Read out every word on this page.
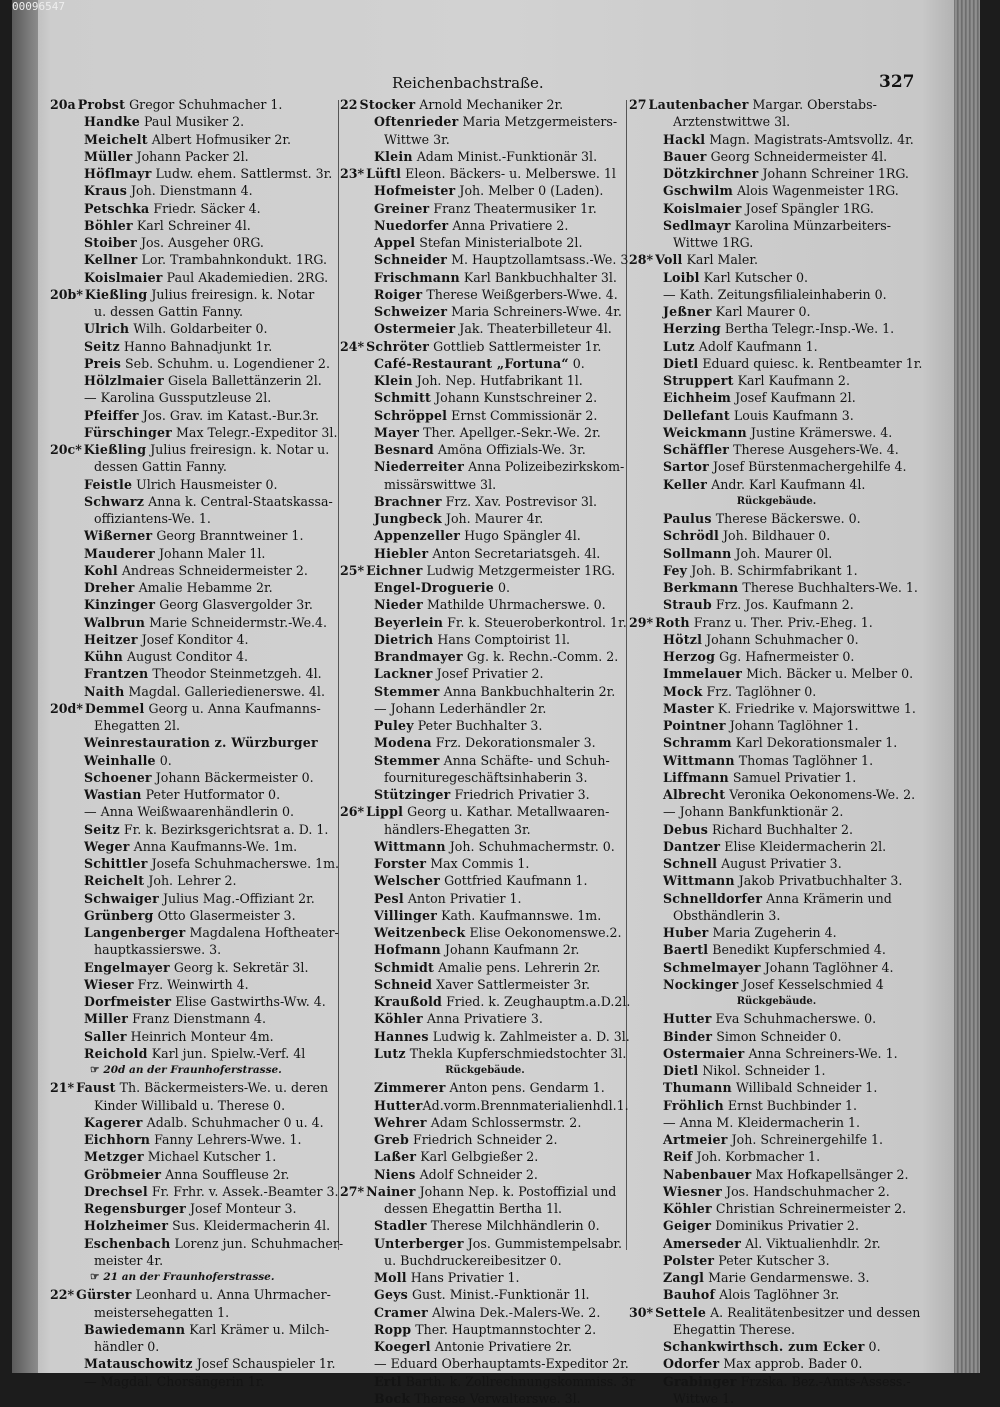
00096547
Reichenbachstraße.	327
20a Probst Gregor Schuhmacher 1.
Handke Paul Musiker 2.
Meichelt Albert Hofmusiker 2r.
Müller Johann Packer 2l.
Höflmayr Ludw. ehem. Sattlermst. 3r.
Kraus Joh. Dienstmann 4.
Petschka Friedr. Säcker 4.
Böhler Karl Schreiner 4l.
Stoiber Jos. Ausgeher 0RG.
Kellner Lor. Trambahnkondukt. 1RG.
Koislmaier Paul Akademiedien. 2RG.
20b* Kießling Julius freiresign. k. Notar
u. dessen Gattin Fanny.
Ulrich Wilh. Goldarbeiter 0.
Seitz Hanno Bahnadjunkt 1r.
Preis Seb. Schuhm. u. Logendiener 2.
Hölzlmaier Gisela Ballettänzerin 2l.
— Karolina Gussputzleuse 2l.
Pfeiffer Jos. Grav. im Katast.-Bur.3r.
Fürschinger Max Telegr.-Expeditor 3l.
20c* Kießling Julius freiresign. k. Notar u.
dessen Gattin Fanny.
Feistle Ulrich Hausmeister 0.
Schwarz Anna k. Central-Staatskassa-
offiziantens-We. 1.
Wißerner Georg Branntweiner 1.
Mauderer Johann Maler 1l.
Kohl Andreas Schneidermeister 2.
Dreher Amalie Hebamme 2r.
Kinzinger Georg Glasvergolder 3r.
Walbrun Marie Schneidermstr.-We.4.
Heitzer Josef Konditor 4.
Kühn August Conditor 4.
Frantzen Theodor Steinmetzgeh. 4l.
Naith Magdal. Galleriedienerswe. 4l.
20d* Demmel Georg u. Anna Kaufmanns-
Ehegatten 2l.
Weinrestauration z. Würzburger
Weinhalle 0.
Schoener Johann Bäckermeister 0.
Wastian Peter Hutformator 0.
— Anna Weißwaarenhändlerin 0.
Seitz Fr. k. Bezirksgerichtsrat a. D. 1.
Weger Anna Kaufmanns-We. 1m.
Schittler Josefa Schuhmacherswe. 1m.
Reichelt Joh. Lehrer 2.
Schwaiger Julius Mag.-Offiziant 2r.
Grünberg Otto Glasermeister 3.
Langenberger Magdalena Hoftheater-
hauptkassierswe. 3.
Engelmayer Georg k. Sekretär 3l.
Wieser Frz. Weinwirth 4.
Dorfmeister Elise Gastwirths-Ww. 4.
Miller Franz Dienstmann 4.
Saller Heinrich Monteur 4m.
Reichold Karl jun. Spielw.-Verf. 4l
☞ 20d an der Fraunhoferstrasse.
21* Faust Th. Bäckermeisters-We. u. deren
Kinder Willibald u. Therese 0.
Kagerer Adalb. Schuhmacher 0 u. 4.
Eichhorn Fanny Lehrers-Wwe. 1.
Metzger Michael Kutscher 1.
Gröbmeier Anna Souffleuse 2r.
Drechsel Fr. Frhr. v. Assek.-Beamter 3.
Regensburger Josef Monteur 3.
Holzheimer Sus. Kleidermacherin 4l.
Eschenbach Lorenz jun. Schuhmacher-
meister 4r.
☞ 21 an der Fraunhoferstrasse.
22* Gürster Leonhard u. Anna Uhrmacher-
meistersehegatten 1.
Bawiedemann Karl Krämer u. Milch-
händler 0.
Matauschowitz Josef Schauspieler 1r.
— Magdal. Chorsängerin 1r.
22 Stocker Arnold Mechaniker 2r.
Oftenrieder Maria Metzgermeisters-
Wittwe 3r.
Klein Adam Minist.-Funktionär 3l.
23* Lüftl Eleon. Bäckers- u. Melberswe. 1l
Hofmeister Joh. Melber 0 (Laden).
Greiner Franz Theatermusiker 1r.
Nuedorfer Anna Privatiere 2.
Appel Stefan Ministerialbote 2l.
Schneider M. Hauptzollamtsass.-We. 3.
Frischmann Karl Bankbuchhalter 3l.
Roiger Therese Weißgerbers-Wwe. 4.
Schweizer Maria Schreiners-Wwe. 4r.
Ostermeier Jak. Theaterbilleteur 4l.
24* Schröter Gottlieb Sattlermeister 1r.
Café-Restaurant „Fortuna“ 0.
Klein Joh. Nep. Hutfabrikant 1l.
Schmitt Johann Kunstschreiner 2.
Schröppel Ernst Commissionär 2.
Mayer Ther. Apellger.-Sekr.-We. 2r.
Besnard Amöna Offizials-We. 3r.
Niederreiter Anna Polizeibezirkskom-
missärswittwe 3l.
Brachner Frz. Xav. Postrevisor 3l.
Jungbeck Joh. Maurer 4r.
Appenzeller Hugo Spängler 4l.
Hiebler Anton Secretariatsgeh. 4l.
25* Eichner Ludwig Metzgermeister 1RG.
Engel-Droguerie 0.
Nieder Mathilde Uhrmacherswe. 0.
Beyerlein Fr. k. Steueroberkontrol. 1r.
Dietrich Hans Comptoirist 1l.
Brandmayer Gg. k. Rechn.-Comm. 2.
Lackner Josef Privatier 2.
Stemmer Anna Bankbuchhalterin 2r.
— Johann Lederhändler 2r.
Puley Peter Buchhalter 3.
Modena Frz. Dekorationsmaler 3.
Stemmer Anna Schäfte- und Schuh-
fournituregeschäftsinhaberin 3.
Stützinger Friedrich Privatier 3.
26* Lippl Georg u. Kathar. Metallwaaren-
händlers-Ehegatten 3r.
Wittmann Joh. Schuhmachermstr. 0.
Forster Max Commis 1.
Welscher Gottfried Kaufmann 1.
Pesl Anton Privatier 1.
Villinger Kath. Kaufmannswe. 1m.
Weitzenbeck Elise Oekonomenswe.2.
Hofmann Johann Kaufmann 2r.
Schmidt Amalie pens. Lehrerin 2r.
Schneid Xaver Sattlermeister 3r.
Kraußold Fried. k. Zeughauptm.a.D.2l.
Köhler Anna Privatiere 3.
Hannes Ludwig k. Zahlmeister a. D. 3l.
Lutz Thekla Kupferschmiedstochter 3l.
Rückgebäude.
Zimmerer Anton pens. Gendarm 1.
HutterAd.vorm.Brennmaterialienhdl.1.
Wehrer Adam Schlossermstr. 2.
Greb Friedrich Schneider 2.
Laßer Karl Gelbgießer 2.
Niens Adolf Schneider 2.
27* Nainer Johann Nep. k. Postoffizial und
dessen Ehegattin Bertha 1l.
Stadler Therese Milchhändlerin 0.
Unterberger Jos. Gummistempelsabr.
u. Buchdruckereibesitzer 0.
Moll Hans Privatier 1.
Geys Gust. Minist.-Funktionär 1l.
Cramer Alwina Dek.-Malers-We. 2.
Ropp Ther. Hauptmannstochter 2.
Koegerl Antonie Privatiere 2r.
— Eduard Oberhauptamts-Expeditor 2r.
Ertl Barth. k. Zollrechnungskommiss. 3r
Bock Therese Verwalterswe. 3l.
27 Lautenbacher Margar. Oberstabs-
Arztenstwittwe 3l.
Hackl Magn. Magistrats-Amtsvollz. 4r.
Bauer Georg Schneidermeister 4l.
Dötzkirchner Johann Schreiner 1RG.
Gschwilm Alois Wagenmeister 1RG.
Koislmaier Josef Spängler 1RG.
Sedlmayr Karolina Münzarbeiters-
Wittwe 1RG.
28* Voll Karl Maler.
Loibl Karl Kutscher 0.
— Kath. Zeitungsfilialeinhaberin 0.
Jeßner Karl Maurer 0.
Herzing Bertha Telegr.-Insp.-We. 1.
Lutz Adolf Kaufmann 1.
Dietl Eduard quiesc. k. Rentbeamter 1r.
Struppert Karl Kaufmann 2.
Eichheim Josef Kaufmann 2l.
Dellefant Louis Kaufmann 3.
Weickmann Justine Krämerswe. 4.
Schäffler Therese Ausgehers-We. 4.
Sartor Josef Bürstenmachergehilfe 4.
Keller Andr. Karl Kaufmann 4l.
Rückgebäude.
Paulus Therese Bäckerswe. 0.
Schrödl Joh. Bildhauer 0.
Sollmann Joh. Maurer 0l.
Fey Joh. B. Schirmfabrikant 1.
Berkmann Therese Buchhalters-We. 1.
Straub Frz. Jos. Kaufmann 2.
29* Roth Franz u. Ther. Priv.-Eheg. 1.
Hötzl Johann Schuhmacher 0.
Herzog Gg. Hafnermeister 0.
Immelauer Mich. Bäcker u. Melber 0.
Mock Frz. Taglöhner 0.
Master K. Friedrike v. Majorswittwe 1.
Pointner Johann Taglöhner 1.
Schramm Karl Dekorationsmaler 1.
Wittmann Thomas Taglöhner 1.
Liffmann Samuel Privatier 1.
Albrecht Veronika Oekonomens-We. 2.
— Johann Bankfunktionär 2.
Debus Richard Buchhalter 2.
Dantzer Elise Kleidermacherin 2l.
Schnell August Privatier 3.
Wittmann Jakob Privatbuchhalter 3.
Schnelldorfer Anna Krämerin und
Obsthändlerin 3.
Huber Maria Zugeherin 4.
Baertl Benedikt Kupferschmied 4.
Schmelmayer Johann Taglöhner 4.
Nockinger Josef Kesselschmied 4
Rückgebäude.
Hutter Eva Schuhmacherswe. 0.
Binder Simon Schneider 0.
Ostermaier Anna Schreiners-We. 1.
Dietl Nikol. Schneider 1.
Thumann Willibald Schneider 1.
Fröhlich Ernst Buchbinder 1.
— Anna M. Kleidermacherin 1.
Artmeier Joh. Schreinergehilfe 1.
Reif Joh. Korbmacher 1.
Nabenbauer Max Hofkapellsänger 2.
Wiesner Jos. Handschuhmacher 2.
Köhler Christian Schreinermeister 2.
Geiger Dominikus Privatier 2.
Amerseder Al. Viktualienhdlr. 2r.
Polster Peter Kutscher 3.
Zangl Marie Gendarmenswe. 3.
Bauhof Alois Taglöhner 3r.
30* Settele A. Realitätenbesitzer und dessen
Ehegattin Therese.
Schankwirthsch. zum Ecker 0.
Odorfer Max approb. Bader 0.
Grabinger Frzska. Bez.-Amts-Assess.-
Wittwe 1.
